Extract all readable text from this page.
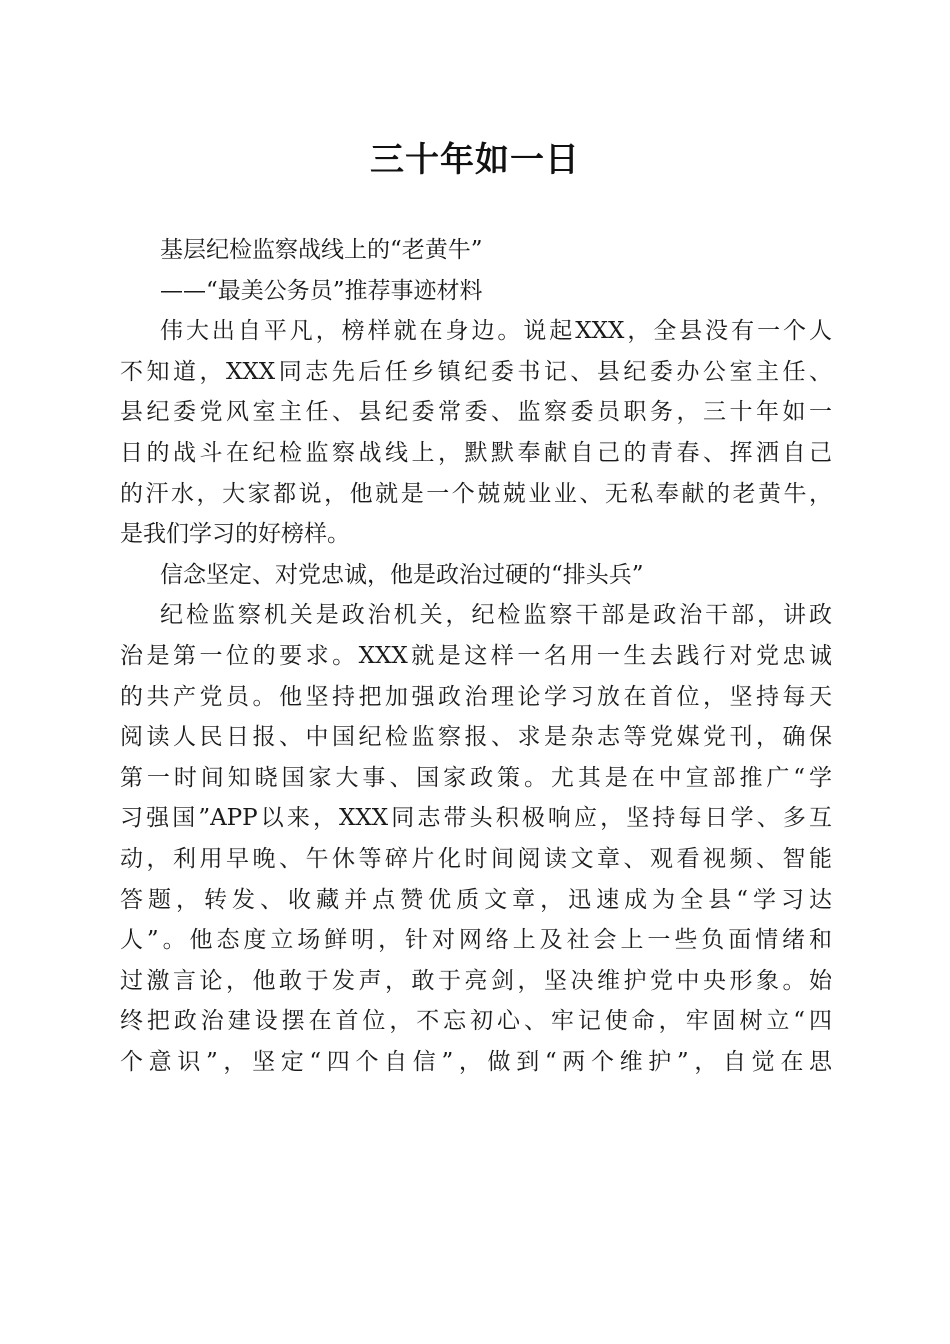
三十年如一日
基层纪检监察战线上的“老黄牛”
——“最美公务员”推荐事迹材料
伟大出自平凡，榜样就在身边。说起XXX，全县没有一个人
不知道，XXX同志先后任乡镇纪委书记、县纪委办公室主任、
县纪委党风室主任、县纪委常委、监察委员职务，三十年如一
日的战斗在纪检监察战线上，默默奉献自己的青春、挥洒自己
的汗水，大家都说，他就是一个兢兢业业、无私奉献的老黄牛，
是我们学习的好榜样。
信念坚定、对党忠诚，他是政治过硬的“排头兵”
纪检监察机关是政治机关，纪检监察干部是政治干部，讲政
治是第一位的要求。XXX就是这样一名用一生去践行对党忠诚
的共产党员。他坚持把加强政治理论学习放在首位，坚持每天
阅读人民日报、中国纪检监察报、求是杂志等党媒党刊，确保
第一时间知晓国家大事、国家政策。尤其是在中宣部推广“学
习强国”APP以来，XXX同志带头积极响应，坚持每日学、多互
动，利用早晚、午休等碎片化时间阅读文章、观看视频、智能
答题，转发、收藏并点赞优质文章，迅速成为全县“学习达
人”。他态度立场鲜明，针对网络上及社会上一些负面情绪和
过激言论，他敢于发声，敢于亮剑，坚决维护党中央形象。始
终把政治建设摆在首位，不忘初心、牢记使命，牢固树立“四
个意识”，坚定“四个自信”，做到“两个维护”，自觉在思
